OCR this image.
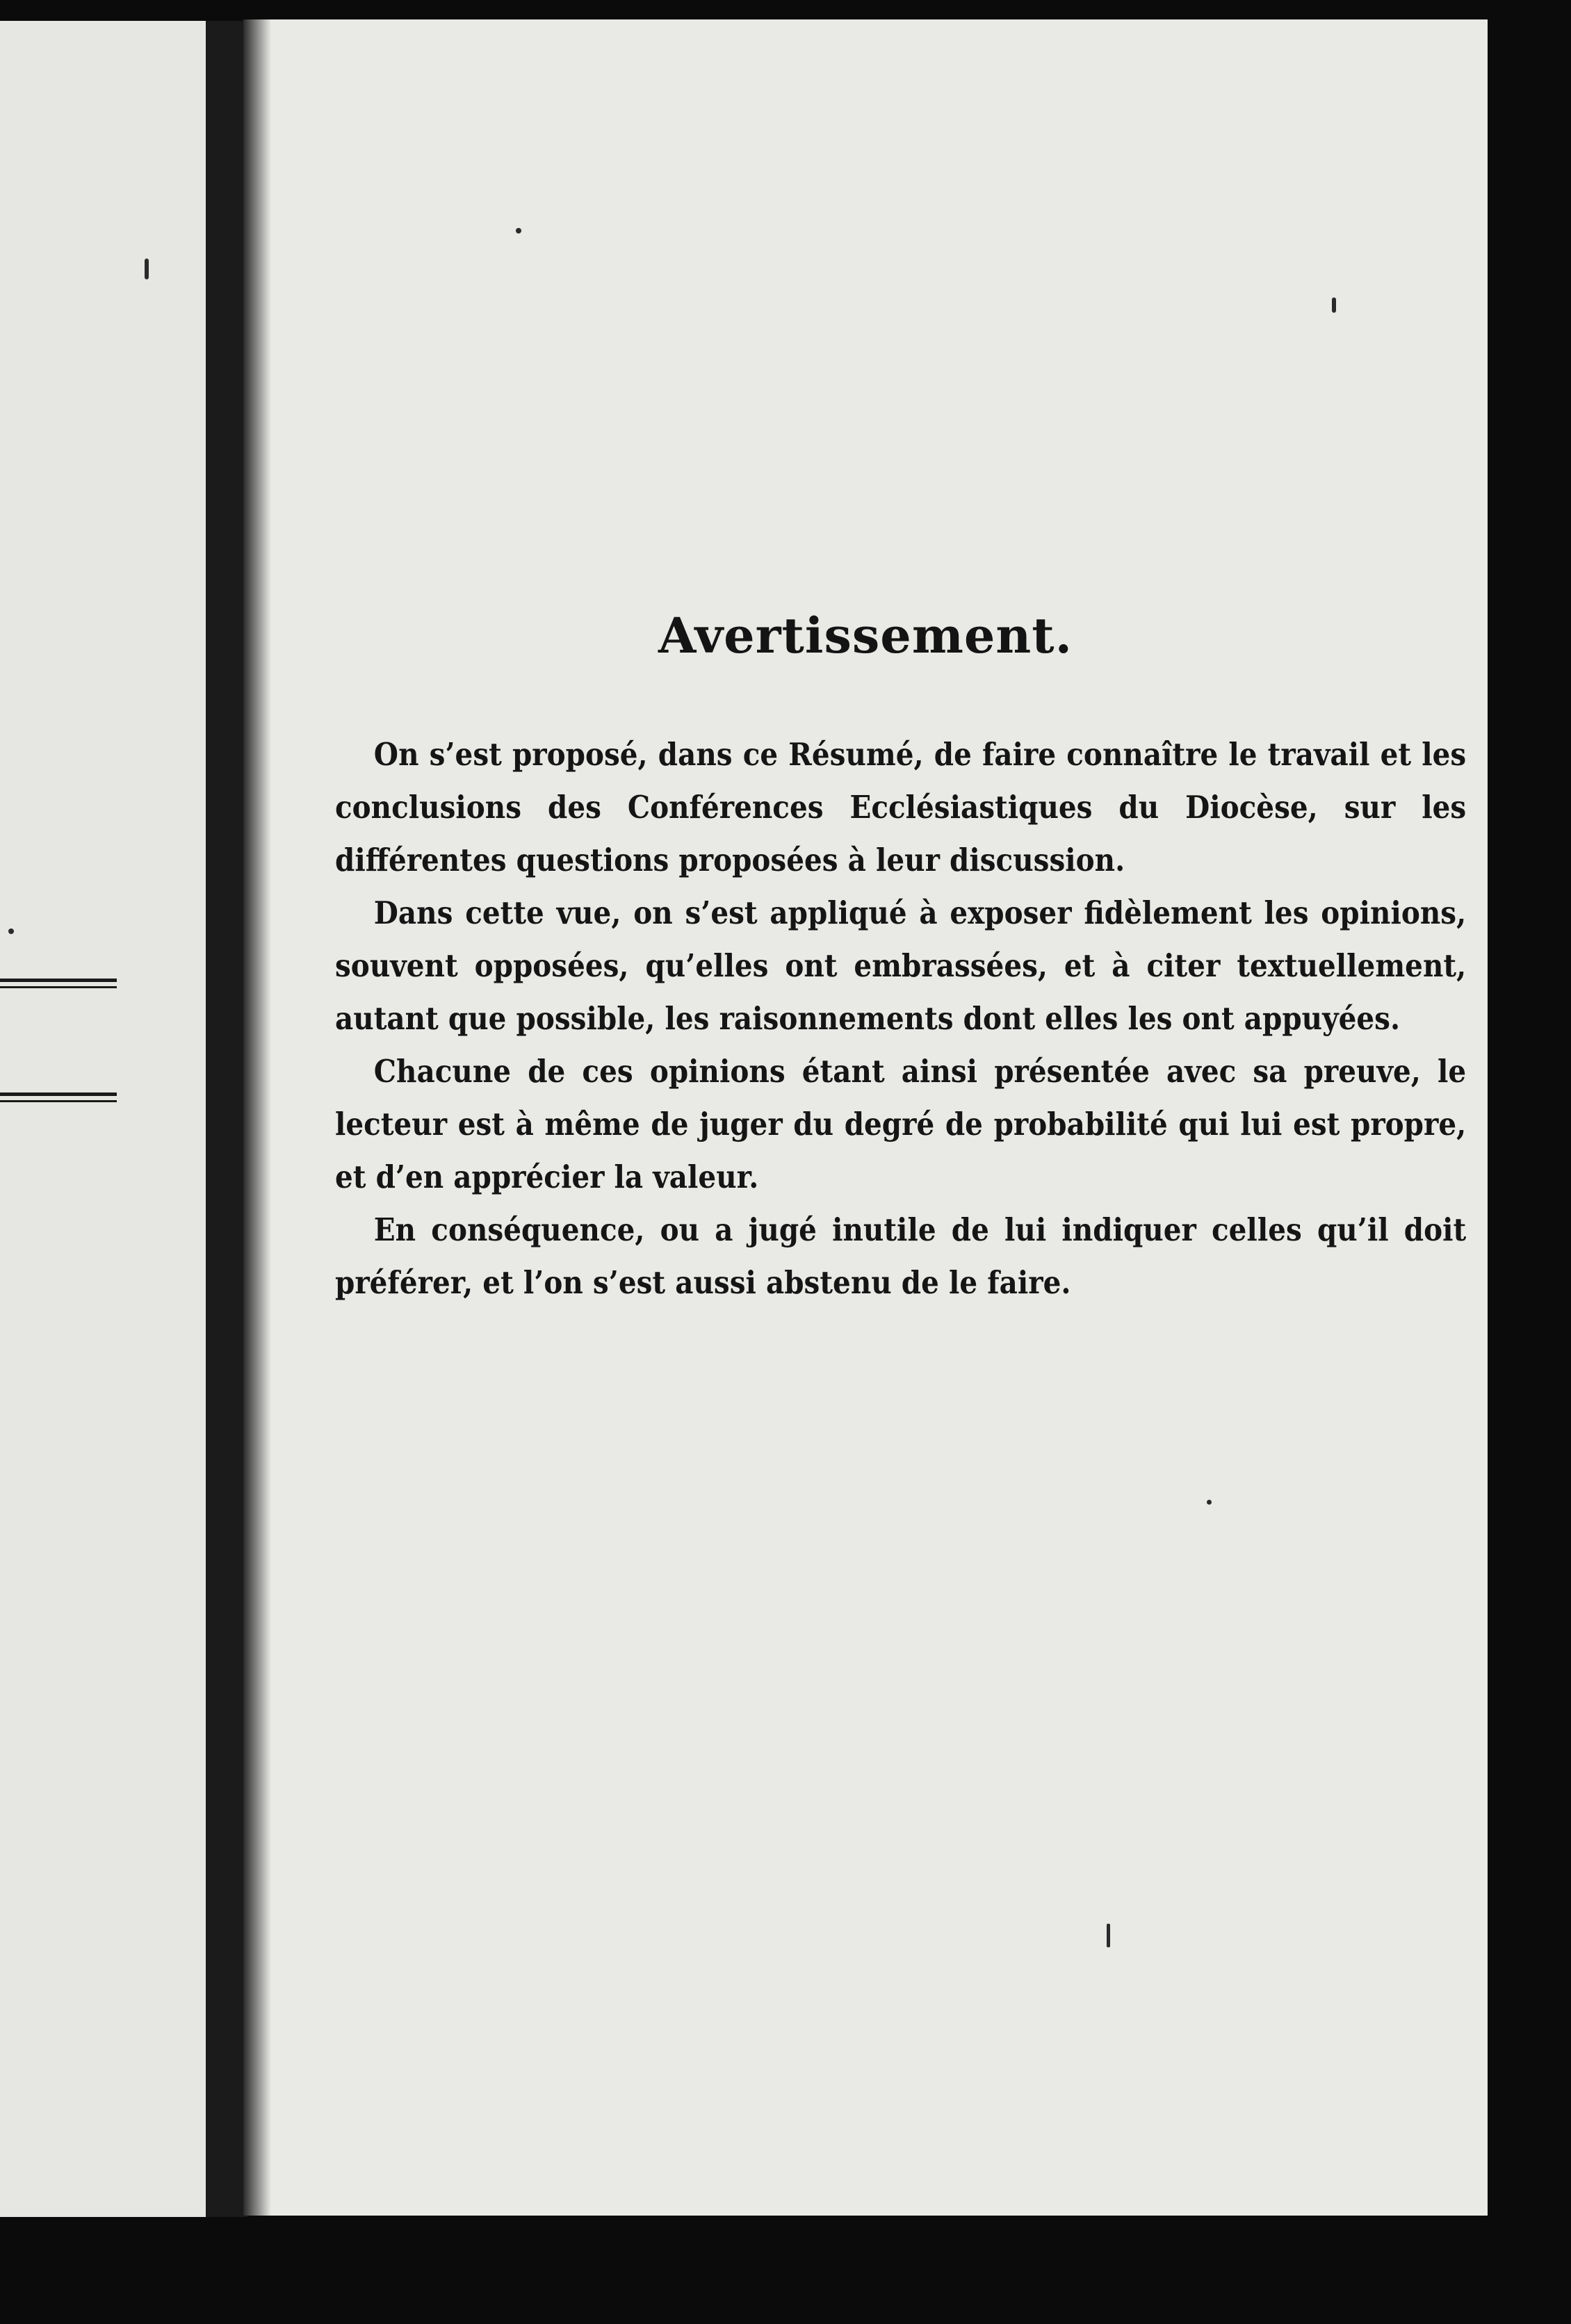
Avertissement.

On s’est proposé, dans ce Résumé, de faire connaître le travail et les conclusions des Conférences Ecclésiastiques du Diocèse, sur les différentes questions proposées à leur discussion.

Dans cette vue, on s’est appliqué à exposer fidèlement les opinions, souvent opposées, qu’elles ont embrassées, et à citer textuellement, autant que possible, les raisonnements dont elles les ont appuyées.

Chacune de ces opinions étant ainsi présentée avec sa preuve, le lecteur est à même de juger du degré de probabilité qui lui est propre, et d’en apprécier la valeur.

En conséquence, ou a jugé inutile de lui indiquer celles qu’il doit préférer, et l’on s’est aussi abstenu de le faire.
